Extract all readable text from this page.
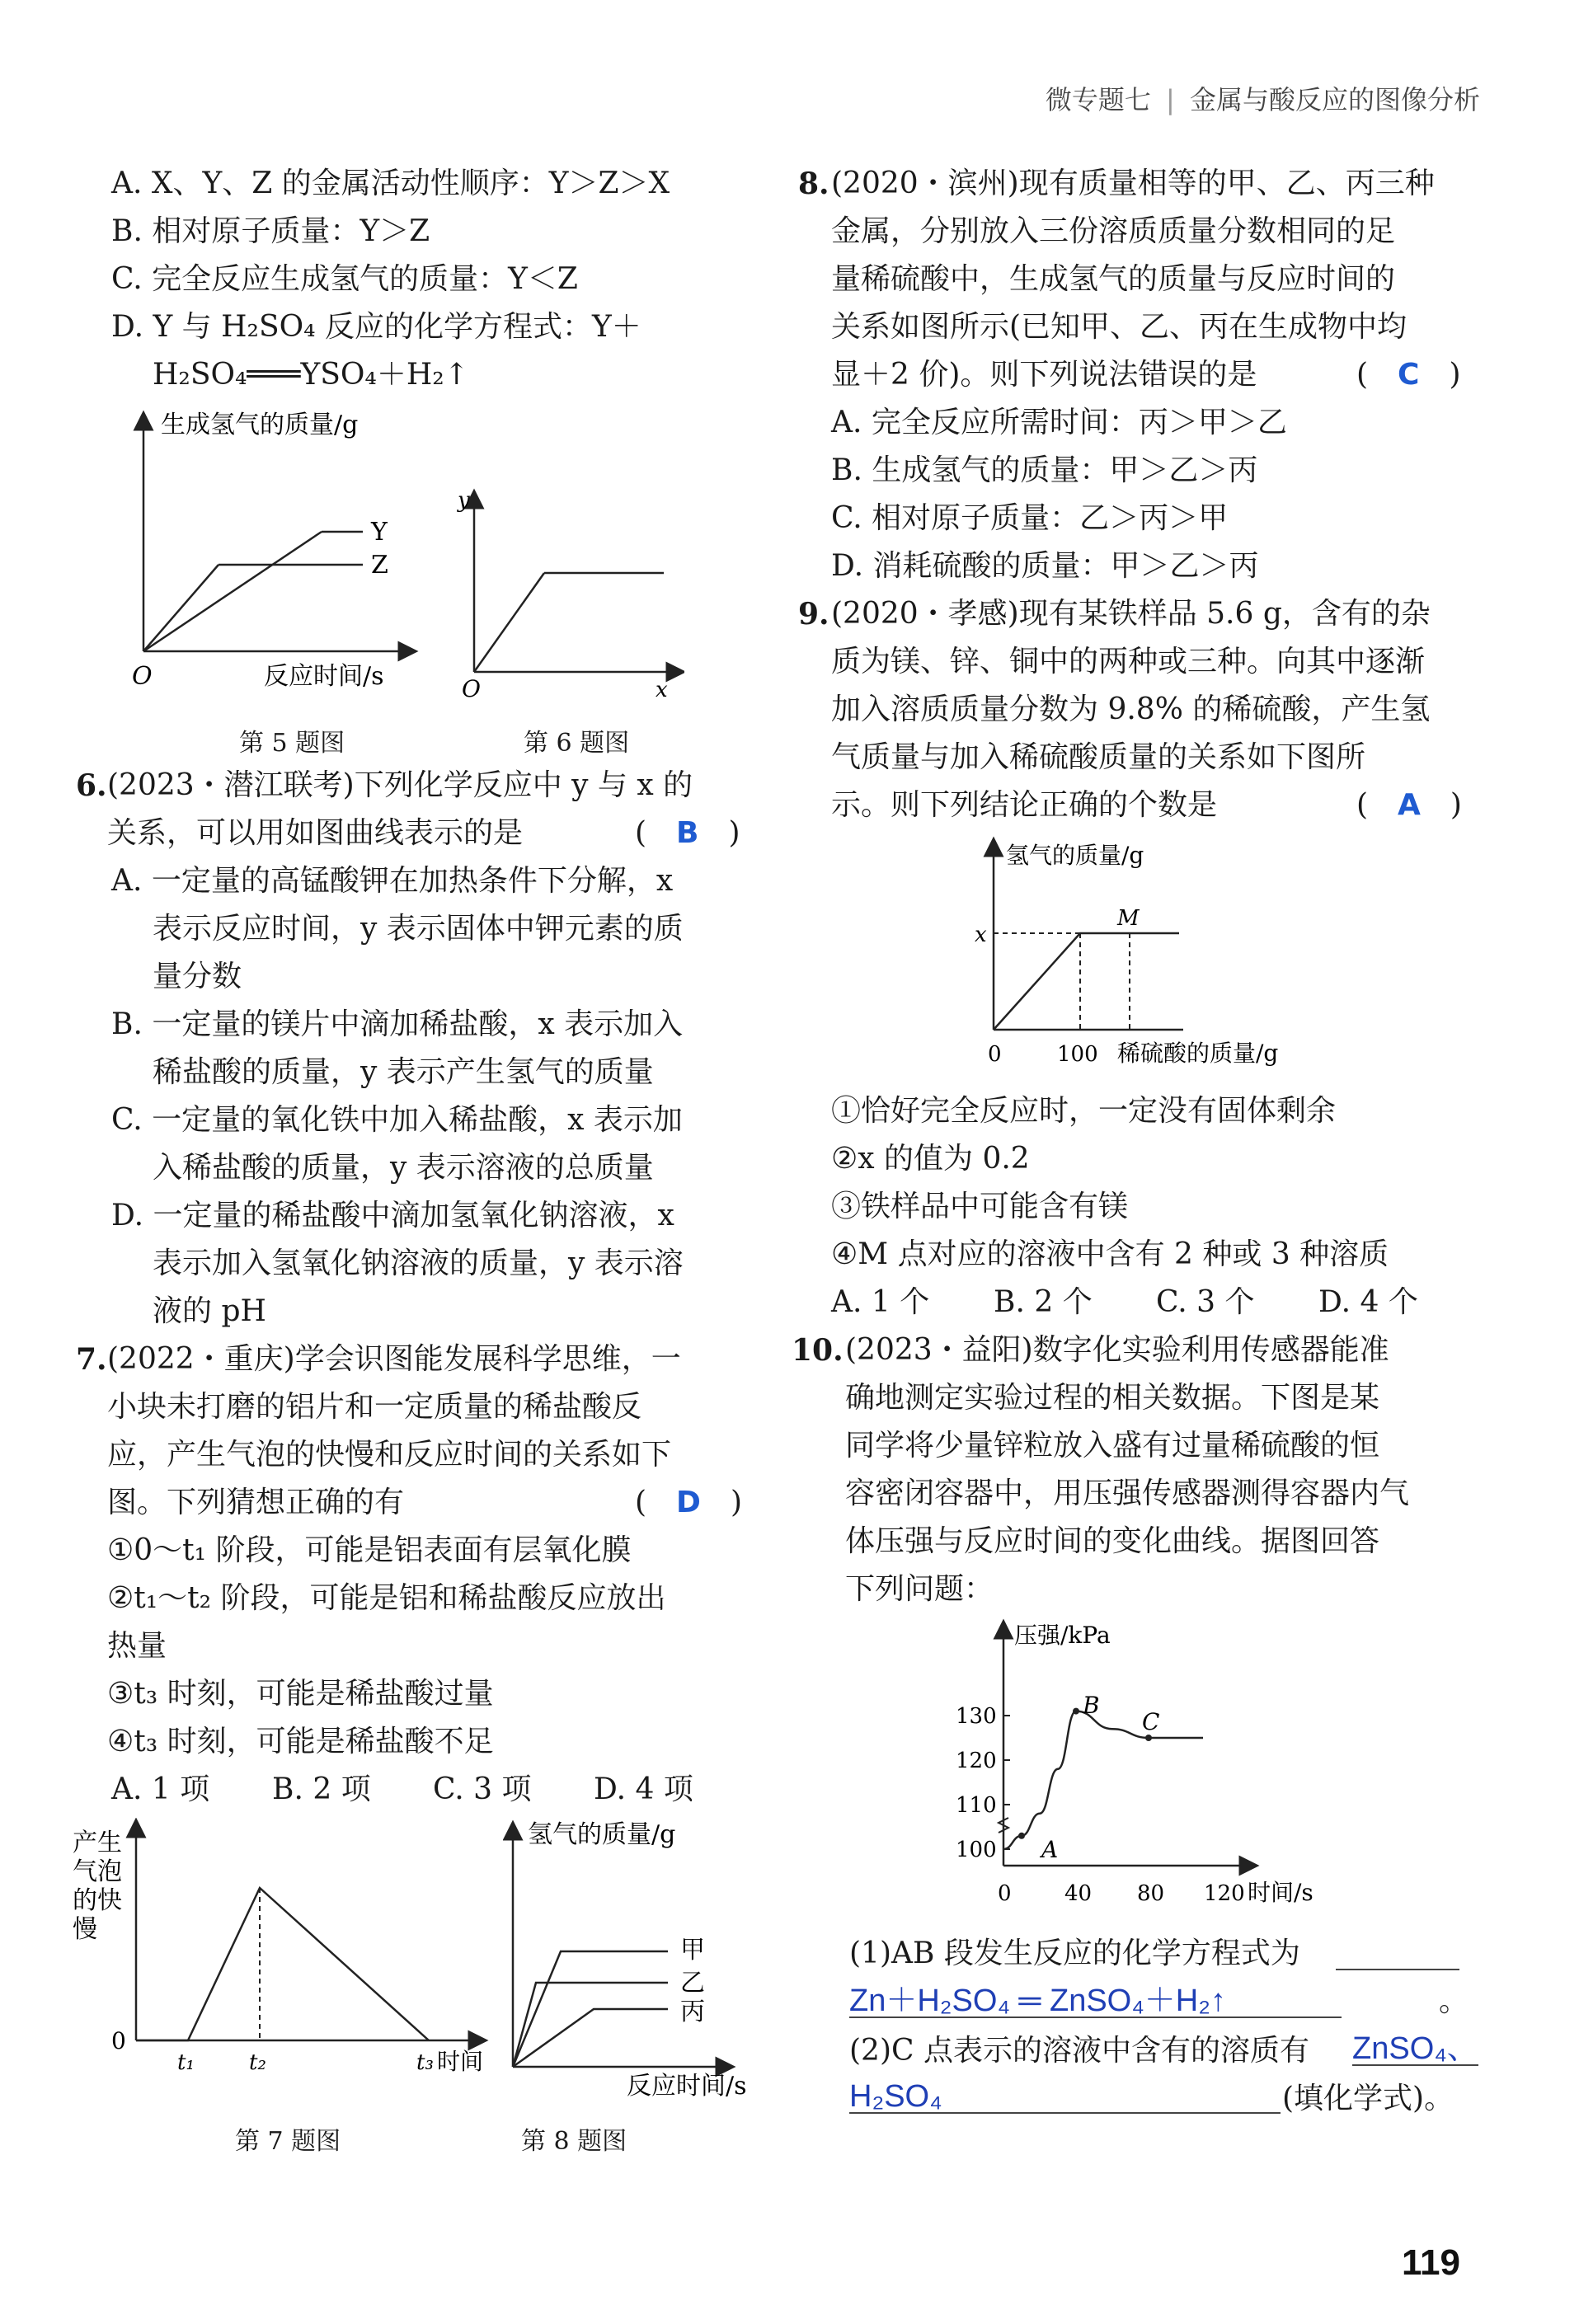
微专题七 | 金属与酸反应的图像分析
A. X、Y、Z 的金属活动性顺序：Y＞Z＞X
B. 相对原子质量：Y＞Z
C. 完全反应生成氢气的质量：Y＜Z
D. Y 与 H₂SO₄ 反应的化学方程式：Y＋
H₂SO₄═══YSO₄＋H₂↑
生成氢气的质量/g
Y
Z
O	反应时间/s
第 5 题图
y
O	x
第 6 题图
6. (2023・潜江联考)下列化学反应中 y 与 x 的
关系，可以用如图曲线表示的是	(　B　)
A. 一定量的高锰酸钾在加热条件下分解，x
表示反应时间，y 表示固体中钾元素的质
量分数
B. 一定量的镁片中滴加稀盐酸，x 表示加入
稀盐酸的质量，y 表示产生氢气的质量
C. 一定量的氧化铁中加入稀盐酸，x 表示加
入稀盐酸的质量，y 表示溶液的总质量
D. 一定量的稀盐酸中滴加氢氧化钠溶液，x
表示加入氢氧化钠溶液的质量，y 表示溶
液的 pH
7. (2022・重庆)学会识图能发展科学思维，一
小块未打磨的铝片和一定质量的稀盐酸反
应，产生气泡的快慢和反应时间的关系如下
图。下列猜想正确的有	(　D　)
①0～t₁ 阶段，可能是铝表面有层氧化膜
②t₁～t₂ 阶段，可能是铝和稀盐酸反应放出
热量
③t₃ 时刻，可能是稀盐酸过量
④t₃ 时刻，可能是稀盐酸不足
A. 1 项 B. 2 项 C. 3 项 D. 4 项
产生
气泡
的快
慢
0
t₁	t₂	t₃ 时间
第 7 题图
氢气的质量/g
甲
乙
丙
反应时间/s
第 8 题图
8. (2020・滨州)现有质量相等的甲、乙、丙三种
金属，分别放入三份溶质质量分数相同的足
量稀硫酸中，生成氢气的质量与反应时间的
关系如图所示(已知甲、乙、丙在生成物中均
显＋2 价)。则下列说法错误的是	(　C　)
A. 完全反应所需时间：丙＞甲＞乙
B. 生成氢气的质量：甲＞乙＞丙
C. 相对原子质量：乙＞丙＞甲
D. 消耗硫酸的质量：甲＞乙＞丙
9. (2020・孝感)现有某铁样品 5.6 g，含有的杂
质为镁、锌、铜中的两种或三种。向其中逐渐
加入溶质质量分数为 9.8% 的稀硫酸，产生氢
气质量与加入稀硫酸质量的关系如下图所
示。则下列结论正确的个数是	(　A　)
氢气的质量/g
x
M
0	100 稀硫酸的质量/g
①恰好完全反应时，一定没有固体剩余
②x 的值为 0.2
③铁样品中可能含有镁
④M 点对应的溶液中含有 2 种或 3 种溶质
A. 1 个 B. 2 个 C. 3 个 D. 4 个
10. (2023・益阳)数字化实验利用传感器能准
确地测定实验过程的相关数据。下图是某
同学将少量锌粒放入盛有过量稀硫酸的恒
容密闭容器中，用压强传感器测得容器内气
体压强与反应时间的变化曲线。据图回答
下列问题：
压强/kPa
100
110
120
130
0 40 80 120
A
B
C
时间/s
(1)AB 段发生反应的化学方程式为
Zn＋H₂SO₄ ═ ZnSO₄＋H₂↑	。
(2)C 点表示的溶液中含有的溶质有 ZnSO₄、
H₂SO₄	(填化学式)。
119
